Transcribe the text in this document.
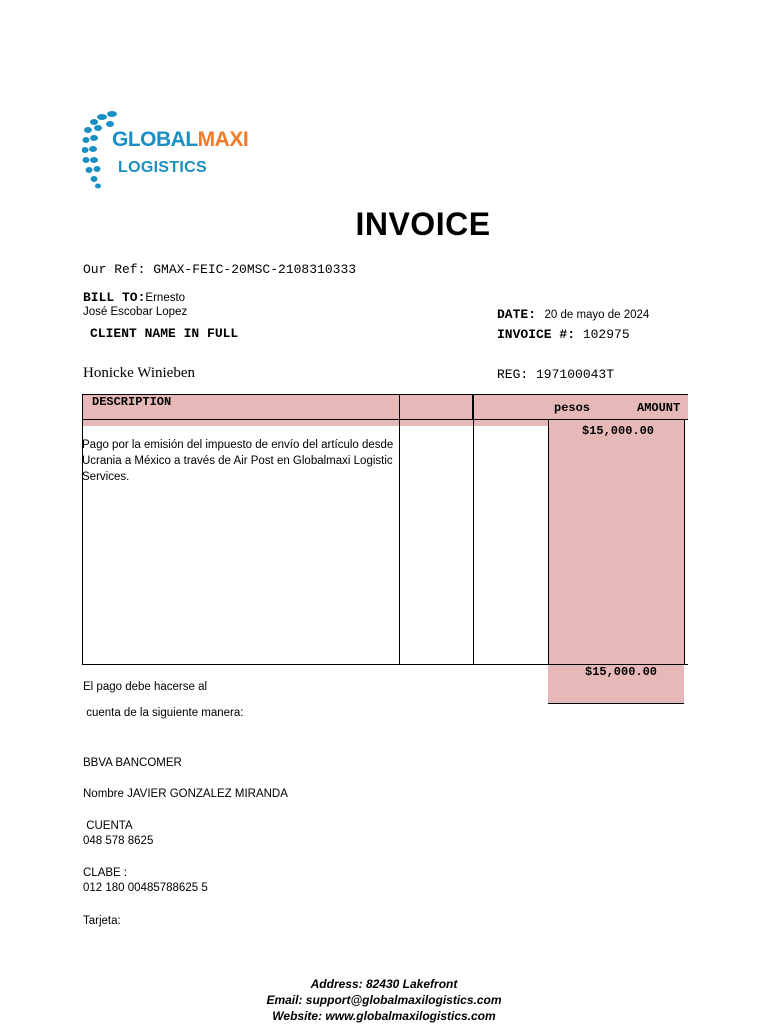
GLOBALMAXI
LOGISTICS
INVOICE
Our Ref: GMAX-FEIC-20MSC-2108310333
BILL TO:Ernesto
José Escobar Lopez
CLIENT NAME IN FULL
Honicke Winieben
DATE: 20 de mayo de 2024
INVOICE #: 102975
REG: 197100043T
DESCRIPTION	pesos	AMOUNT
Pago por la emisión del impuesto de envío del artículo desde Ucrania a México a través de Air Post en Globalmaxi Logistic Services.
$15,000.00
$15,000.00
El pago debe hacerse al
cuenta de la siguiente manera:
BBVA BANCOMER
Nombre JAVIER GONZALEZ MIRANDA
CUENTA
048 578 8625
CLABE :
012 180 00485788625 5
Tarjeta:
Address: 82430 Lakefront
Email: support@globalmaxilogistics.com
Website: www.globalmaxilogistics.com
